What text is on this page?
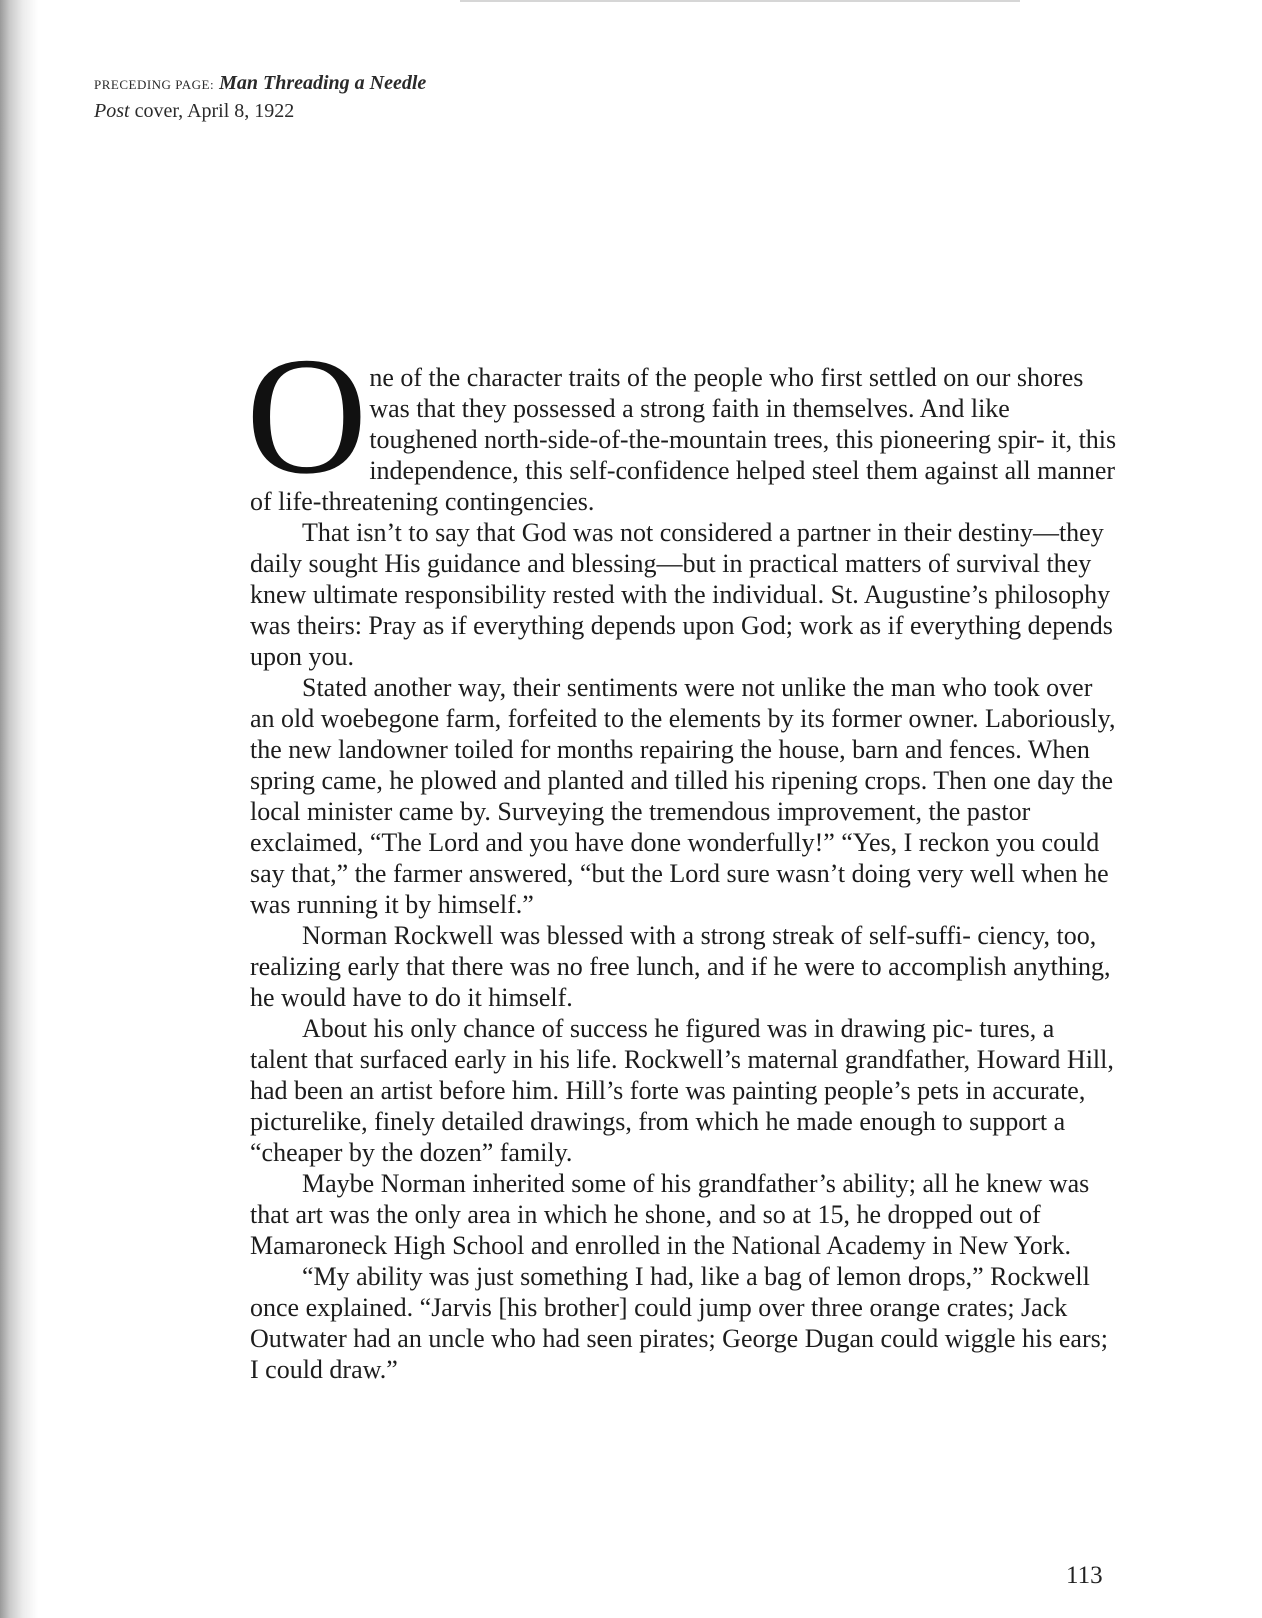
PRECEDING PAGE: Man Threading a Needle
Post cover, April 8, 1922
O ne of the character traits of the people who first settled on our shores was that they possessed a strong faith in themselves. And like toughened north-side-of-the-mountain trees, this pioneering spir- it, this independence, this self-confidence helped steel them against all manner of life-threatening contingencies.

That isn’t to say that God was not considered a partner in their destiny—they daily sought His guidance and blessing—but in practical matters of survival they knew ultimate responsibility rested with the individual. St. Augustine’s philosophy was theirs: Pray as if everything depends upon God; work as if everything depends upon you.

Stated another way, their sentiments were not unlike the man who took over an old woebegone farm, forfeited to the elements by its former owner. Laboriously, the new landowner toiled for months repairing the house, barn and fences. When spring came, he plowed and planted and tilled his ripening crops. Then one day the local minister came by. Surveying the tremendous improvement, the pastor exclaimed, “The Lord and you have done wonderfully!” “Yes, I reckon you could say that,” the farmer answered, “but the Lord sure wasn’t doing very well when he was running it by himself.”

Norman Rockwell was blessed with a strong streak of self-suffi- ciency, too, realizing early that there was no free lunch, and if he were to accomplish anything, he would have to do it himself.

About his only chance of success he figured was in drawing pic- tures, a talent that surfaced early in his life. Rockwell’s maternal grandfather, Howard Hill, had been an artist before him. Hill’s forte was painting people’s pets in accurate, picturelike, finely detailed drawings, from which he made enough to support a “cheaper by the dozen” family.

Maybe Norman inherited some of his grandfather’s ability; all he knew was that art was the only area in which he shone, and so at 15, he dropped out of Mamaroneck High School and enrolled in the National Academy in New York.

“My ability was just something I had, like a bag of lemon drops,” Rockwell once explained. “Jarvis [his brother] could jump over three orange crates; Jack Outwater had an uncle who had seen pirates; George Dugan could wiggle his ears; I could draw.”

113
